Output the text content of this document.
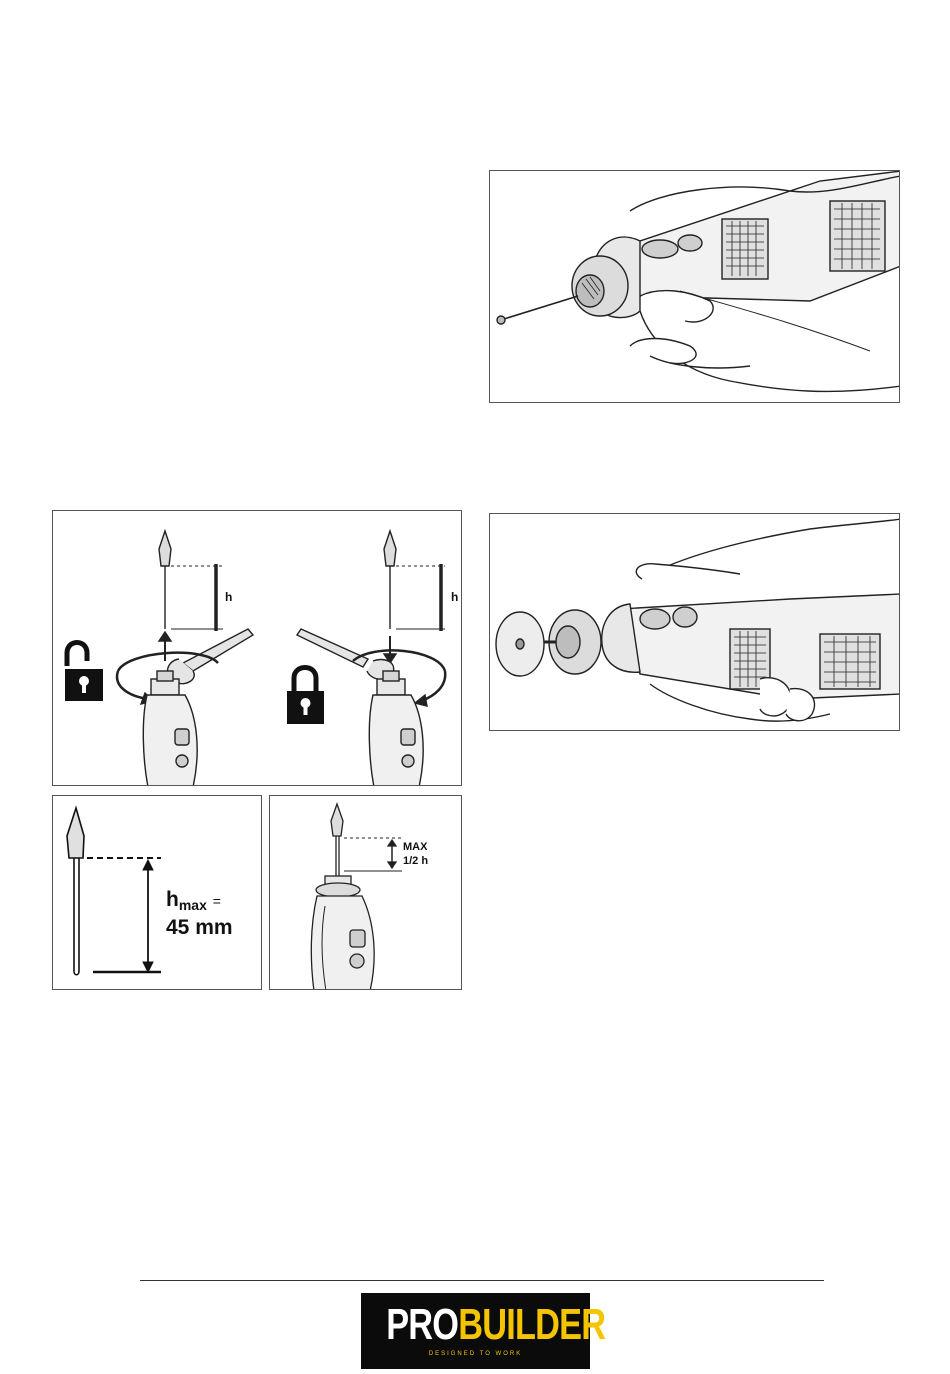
h	h
hmax =
45 mm
MAX
1/2 h
PROBUILDER
DESIGNED TO WORK
